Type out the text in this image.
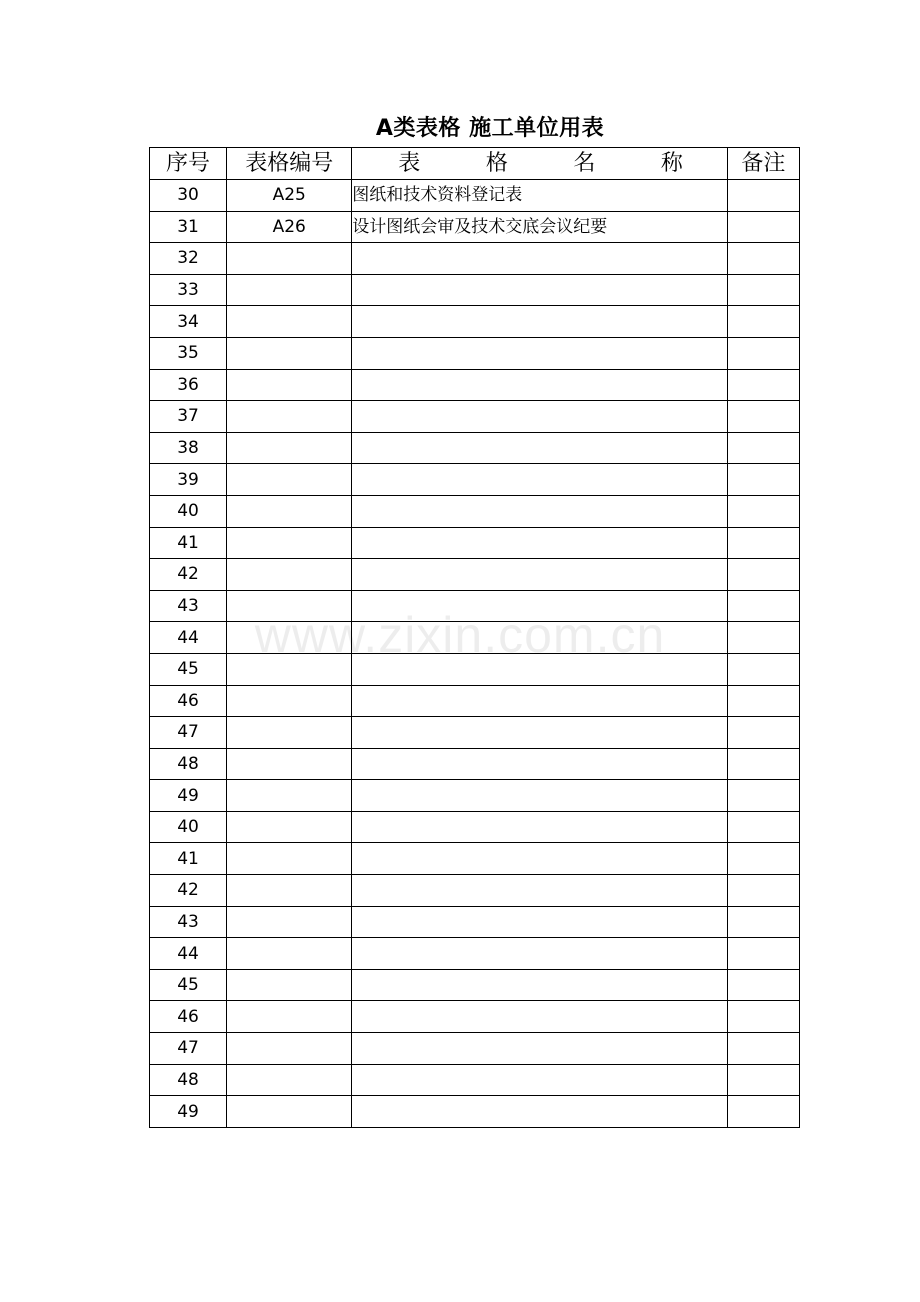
A类表格 施工单位用表
www.zixin.com.cn
序号	表格编号	表 格 名 称	备注
30	A25	图纸和技术资料登记表	
31	A26	设计图纸会审及技术交底会议纪要	
32			
33			
34			
35			
36			
37			
38			
39			
40			
41			
42			
43			
44			
45			
46			
47			
48			
49			
40			
41			
42			
43			
44			
45			
46			
47			
48			
49			
